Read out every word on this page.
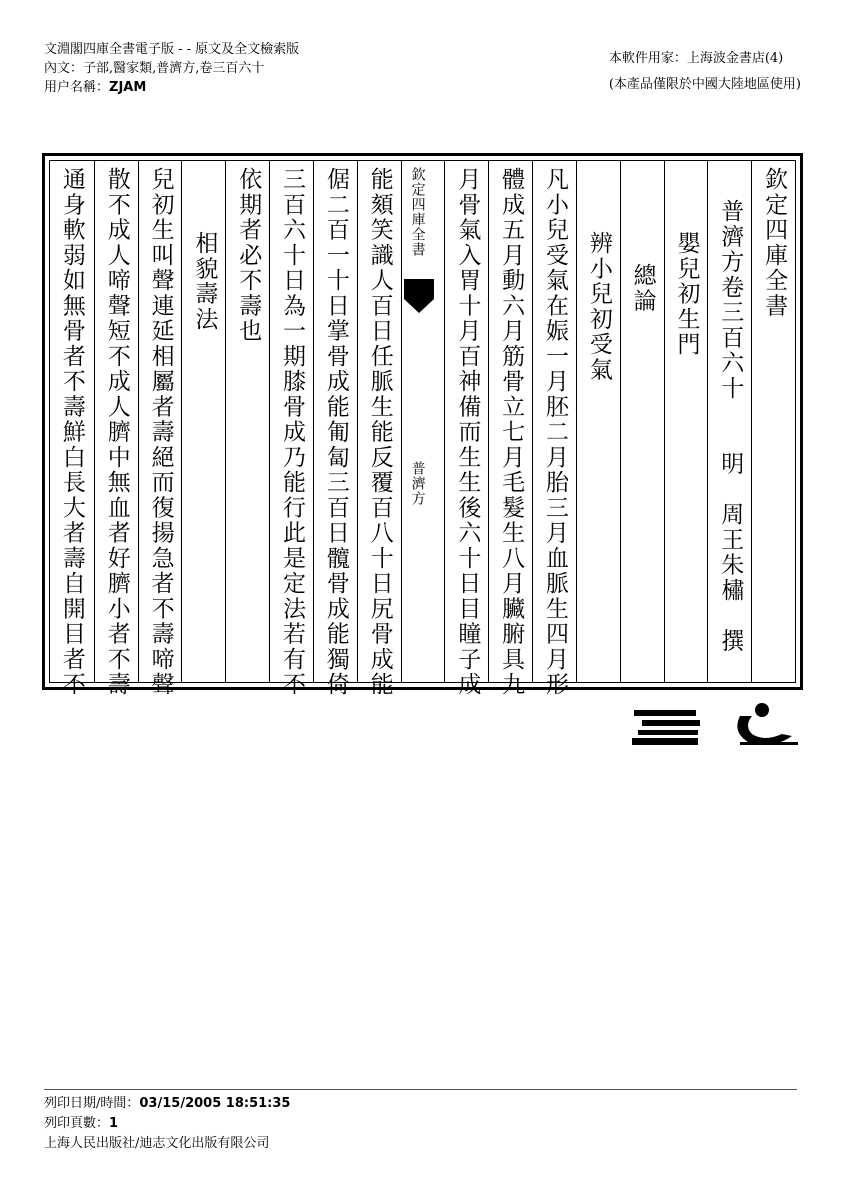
文淵閣四庫全書電子版 - - 原文及全文檢索版
內文：子部,醫家類,普濟方,卷三百六十
用户名稱：ZJAM
本軟件用家：上海波金書店(4)
(本產品僅限於中國大陸地區使用)
欽定四庫全書
普濟方卷三百六十　　明　周王朱橚　撰
嬰兒初生門
總論
辨小兒初受氣
凡小兒受氣在娠一月胚二月胎三月血脈生四月形
體成五月動六月筋骨立七月毛髮生八月臟腑具九
月骨氣入胃十月百神備而生生後六十日目瞳子成
欽定四庫全書
普濟方
能頦笑識人百日任脈生能反覆百八十日尻骨成能
倨二百一十日掌骨成能匍匐三百日髖骨成能獨倚
三百六十日為一期膝骨成乃能行此是定法若有不
依期者必不壽也
相貌壽法
兒初生叫聲連延相屬者壽絕而復揚急者不壽啼聲
散不成人啼聲短不成人臍中無血者好臍小者不壽
通身軟弱如無骨者不壽鮮白長大者壽自開目者不
列印日期/時間：03/15/2005 18:51:35
列印頁數：1
上海人民出版社/迪志文化出版有限公司
